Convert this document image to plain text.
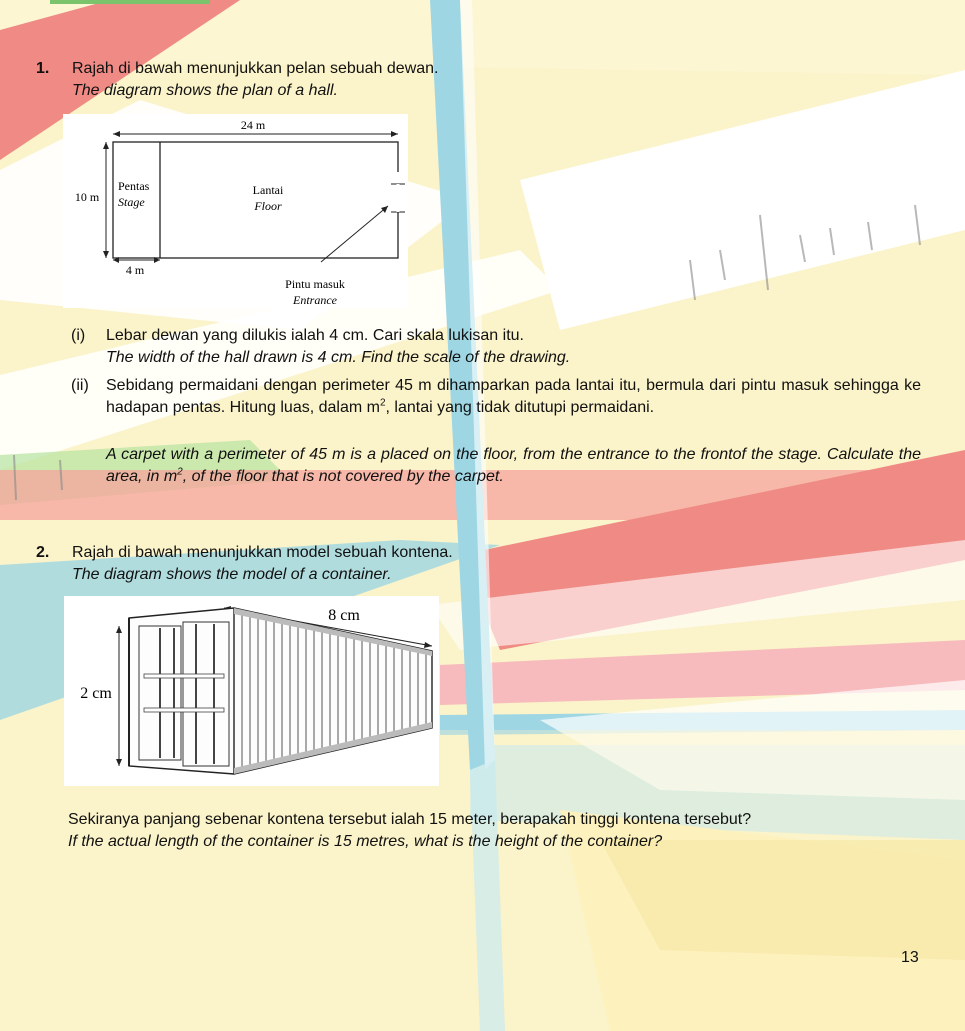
1. Rajah di bawah menunjukkan pelan sebuah dewan.
The diagram shows the plan of a hall.
24 m
10 m
4 m
Pentas
Stage
Lantai
Floor
Pintu masuk
Entrance
(i) Lebar dewan yang dilukis ialah 4 cm. Cari skala lukisan itu.
The width of the hall drawn is 4 cm. Find the scale of the drawing.
(ii) Sebidang permaidani dengan perimeter 45 m dihamparkan pada lantai itu, bermula dari pintu masuk sehingga ke hadapan pentas. Hitung luas, dalam $m^2$, lantai yang tidak ditutupi permaidani.
A carpet with a perimeter of 45 m is a placed on the floor, from the entrance to the frontof the stage. Calculate the area, in $m^2$, of the floor that is not covered by the carpet.
2. Rajah di bawah menunjukkan model sebuah kontena.
The diagram shows the model of a container.
8 cm
2 cm
Sekiranya panjang sebenar kontena tersebut ialah 15 meter, berapakah tinggi kontena tersebut?
If the actual length of the container is 15 metres, what is the height of the container?
13
